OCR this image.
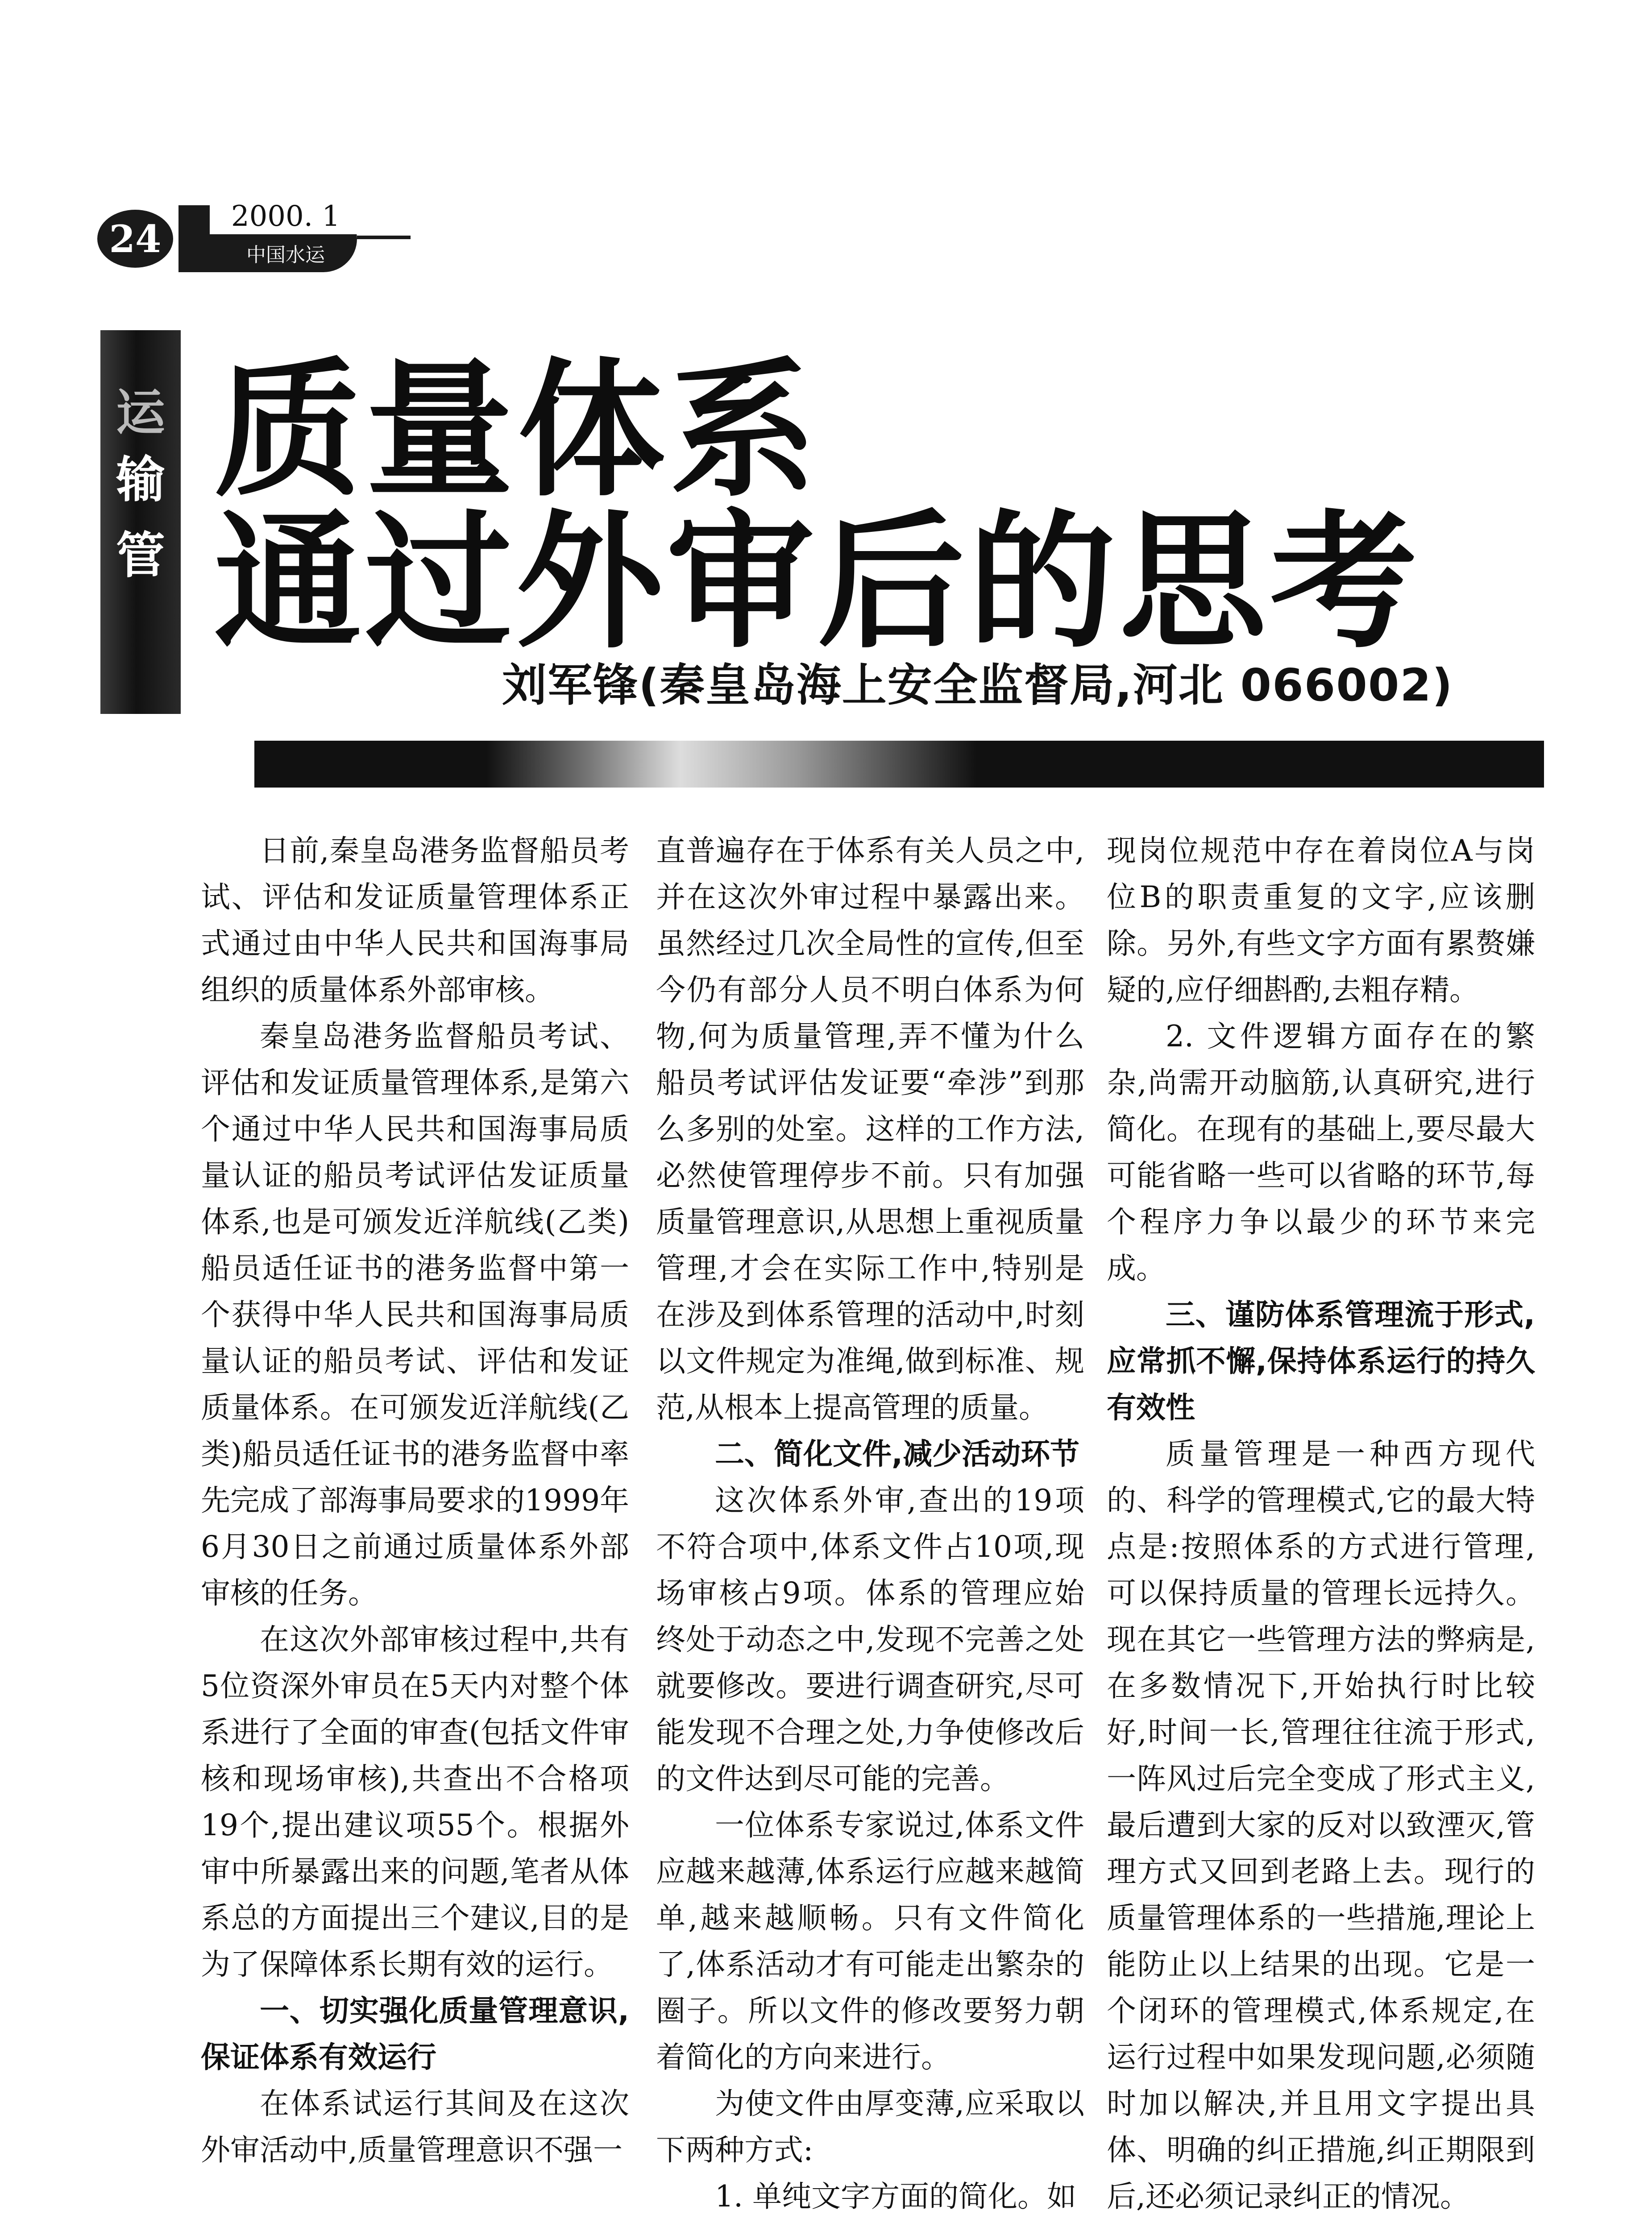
24
2000. 1
中国水运
运
输
管
质量体系
通过外审后的思考
刘军锋(秦皇岛海上安全监督局,河北 066002)

日前,秦皇岛港务监督船员考试、评估和发证质量管理体系正式通过由中华人民共和国海事局组织的质量体系外部审核。

秦皇岛港务监督船员考试、评估和发证质量管理体系,是第六个通过中华人民共和国海事局质量认证的船员考试评估发证质量体系,也是可颁发近洋航线(乙类)船员适任证书的港务监督中第一个获得中华人民共和国海事局质量认证的船员考试、评估和发证质量体系。在可颁发近洋航线(乙类)船员适任证书的港务监督中率先完成了部海事局要求的1999年6月30日之前通过质量体系外部审核的任务。

在这次外部审核过程中,共有5位资深外审员在5天内对整个体系进行了全面的审查(包括文件审核和现场审核),共查出不合格项19个,提出建议项55个。根据外审中所暴露出来的问题,笔者从体系总的方面提出三个建议,目的是为了保障体系长期有效的运行。

一、切实强化质量管理意识,保证体系有效运行

在体系试运行其间及在这次外审活动中,质量管理意识不强一

直普遍存在于体系有关人员之中,并在这次外审过程中暴露出来。虽然经过几次全局性的宣传,但至今仍有部分人员不明白体系为何物,何为质量管理,弄不懂为什么船员考试评估发证要“牵涉”到那么多别的处室。这样的工作方法,必然使管理停步不前。只有加强质量管理意识,从思想上重视质量管理,才会在实际工作中,特别是在涉及到体系管理的活动中,时刻以文件规定为准绳,做到标准、规范,从根本上提高管理的质量。

二、简化文件,减少活动环节

这次体系外审,查出的19项不符合项中,体系文件占10项,现场审核占9项。体系的管理应始终处于动态之中,发现不完善之处就要修改。要进行调查研究,尽可能发现不合理之处,力争使修改后的文件达到尽可能的完善。

一位体系专家说过,体系文件应越来越薄,体系运行应越来越简单,越来越顺畅。只有文件简化了,体系活动才有可能走出繁杂的圈子。所以文件的修改要努力朝着简化的方向来进行。

为使文件由厚变薄,应采取以下两种方式:

1. 单纯文字方面的简化。如

现岗位规范中存在着岗位A与岗位B的职责重复的文字,应该删除。另外,有些文字方面有累赘嫌疑的,应仔细斟酌,去粗存精。

2. 文件逻辑方面存在的繁杂,尚需开动脑筋,认真研究,进行简化。在现有的基础上,要尽最大可能省略一些可以省略的环节,每个程序力争以最少的环节来完成。

三、谨防体系管理流于形式,应常抓不懈,保持体系运行的持久有效性

质量管理是一种西方现代的、科学的管理模式,它的最大特点是:按照体系的方式进行管理,可以保持质量的管理长远持久。现在其它一些管理方法的弊病是,在多数情况下,开始执行时比较好,时间一长,管理往往流于形式,一阵风过后完全变成了形式主义,最后遭到大家的反对以致湮灭,管理方式又回到老路上去。现行的质量管理体系的一些措施,理论上能防止以上结果的出现。它是一个闭环的管理模式,体系规定,在运行过程中如果发现问题,必须随时加以解决,并且用文字提出具体、明确的纠正措施,纠正期限到后,还必须记录纠正的情况。
